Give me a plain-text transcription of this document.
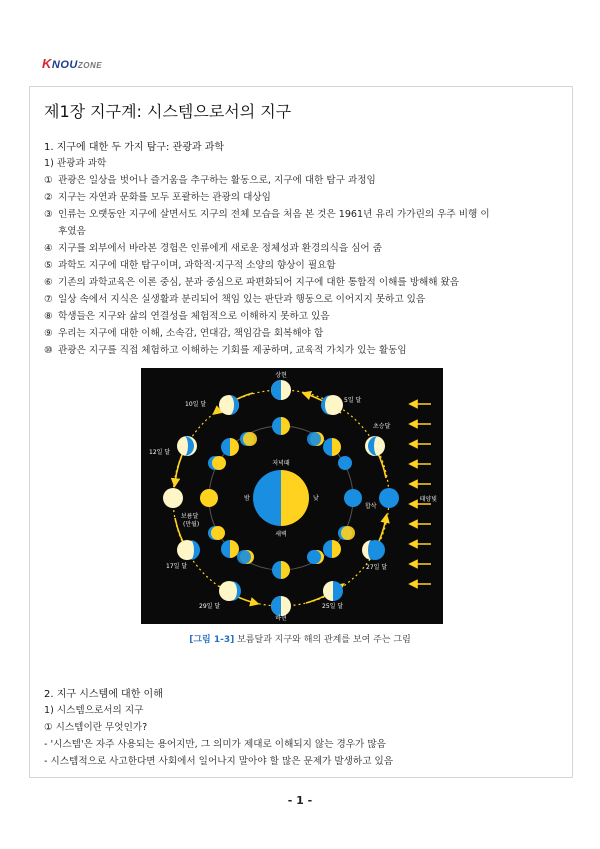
KNOUZONE
제1장 지구계: 시스템으로서의 지구
1. 지구에 대한 두 가지 탐구: 관광과 과학
1) 관광과 과학
① 관광은 일상을 벗어나 즐거움을 추구하는 활동으로, 지구에 대한 탐구 과정임
② 지구는 자연과 문화를 모두 포괄하는 관광의 대상임
③ 인류는 오랫동안 지구에 살면서도 지구의 전체 모습을 처음 본 것은 1961년 유리 가가린의 우주 비행 이
후였음
④ 지구를 외부에서 바라본 경험은 인류에게 새로운 정체성과 환경의식을 심어 줌
⑤ 과학도 지구에 대한 탐구이며, 과학적·지구적 소양의 향상이 필요함
⑥ 기존의 과학교육은 이론 중심, 분과 중심으로 파편화되어 지구에 대한 통합적 이해를 방해해 왔음
⑦ 일상 속에서 지식은 실생활과 분리되어 책임 있는 판단과 행동으로 이어지지 못하고 있음
⑧ 학생들은 지구와 삶의 연결성을 체험적으로 이해하지 못하고 있음
⑨ 우리는 지구에 대한 이해, 소속감, 연대감, 책임감을 회복해야 함
⑩ 관광은 지구를 직접 체험하고 이해하는 기회를 제공하며, 교육적 가치가 있는 활동임
상현
5일 달
초승달
합삭
27일 달
25일 달
하현
29일 달
17일 달
보름달
(만월)
12일 달
10일 달
태양빛
저녁때
밤	낮
새벽
[그림 1-3] 보름달과 지구와 해의 관계를 보여 주는 그림
2. 지구 시스템에 대한 이해
1) 시스템으로서의 지구
① 시스템이란 무엇인가?
- '시스템'은 자주 사용되는 용어지만, 그 의미가 제대로 이해되지 않는 경우가 많음
- 시스템적으로 사고한다면 사회에서 일어나지 말아야 할 많은 문제가 발생하고 있음
- 1 -
